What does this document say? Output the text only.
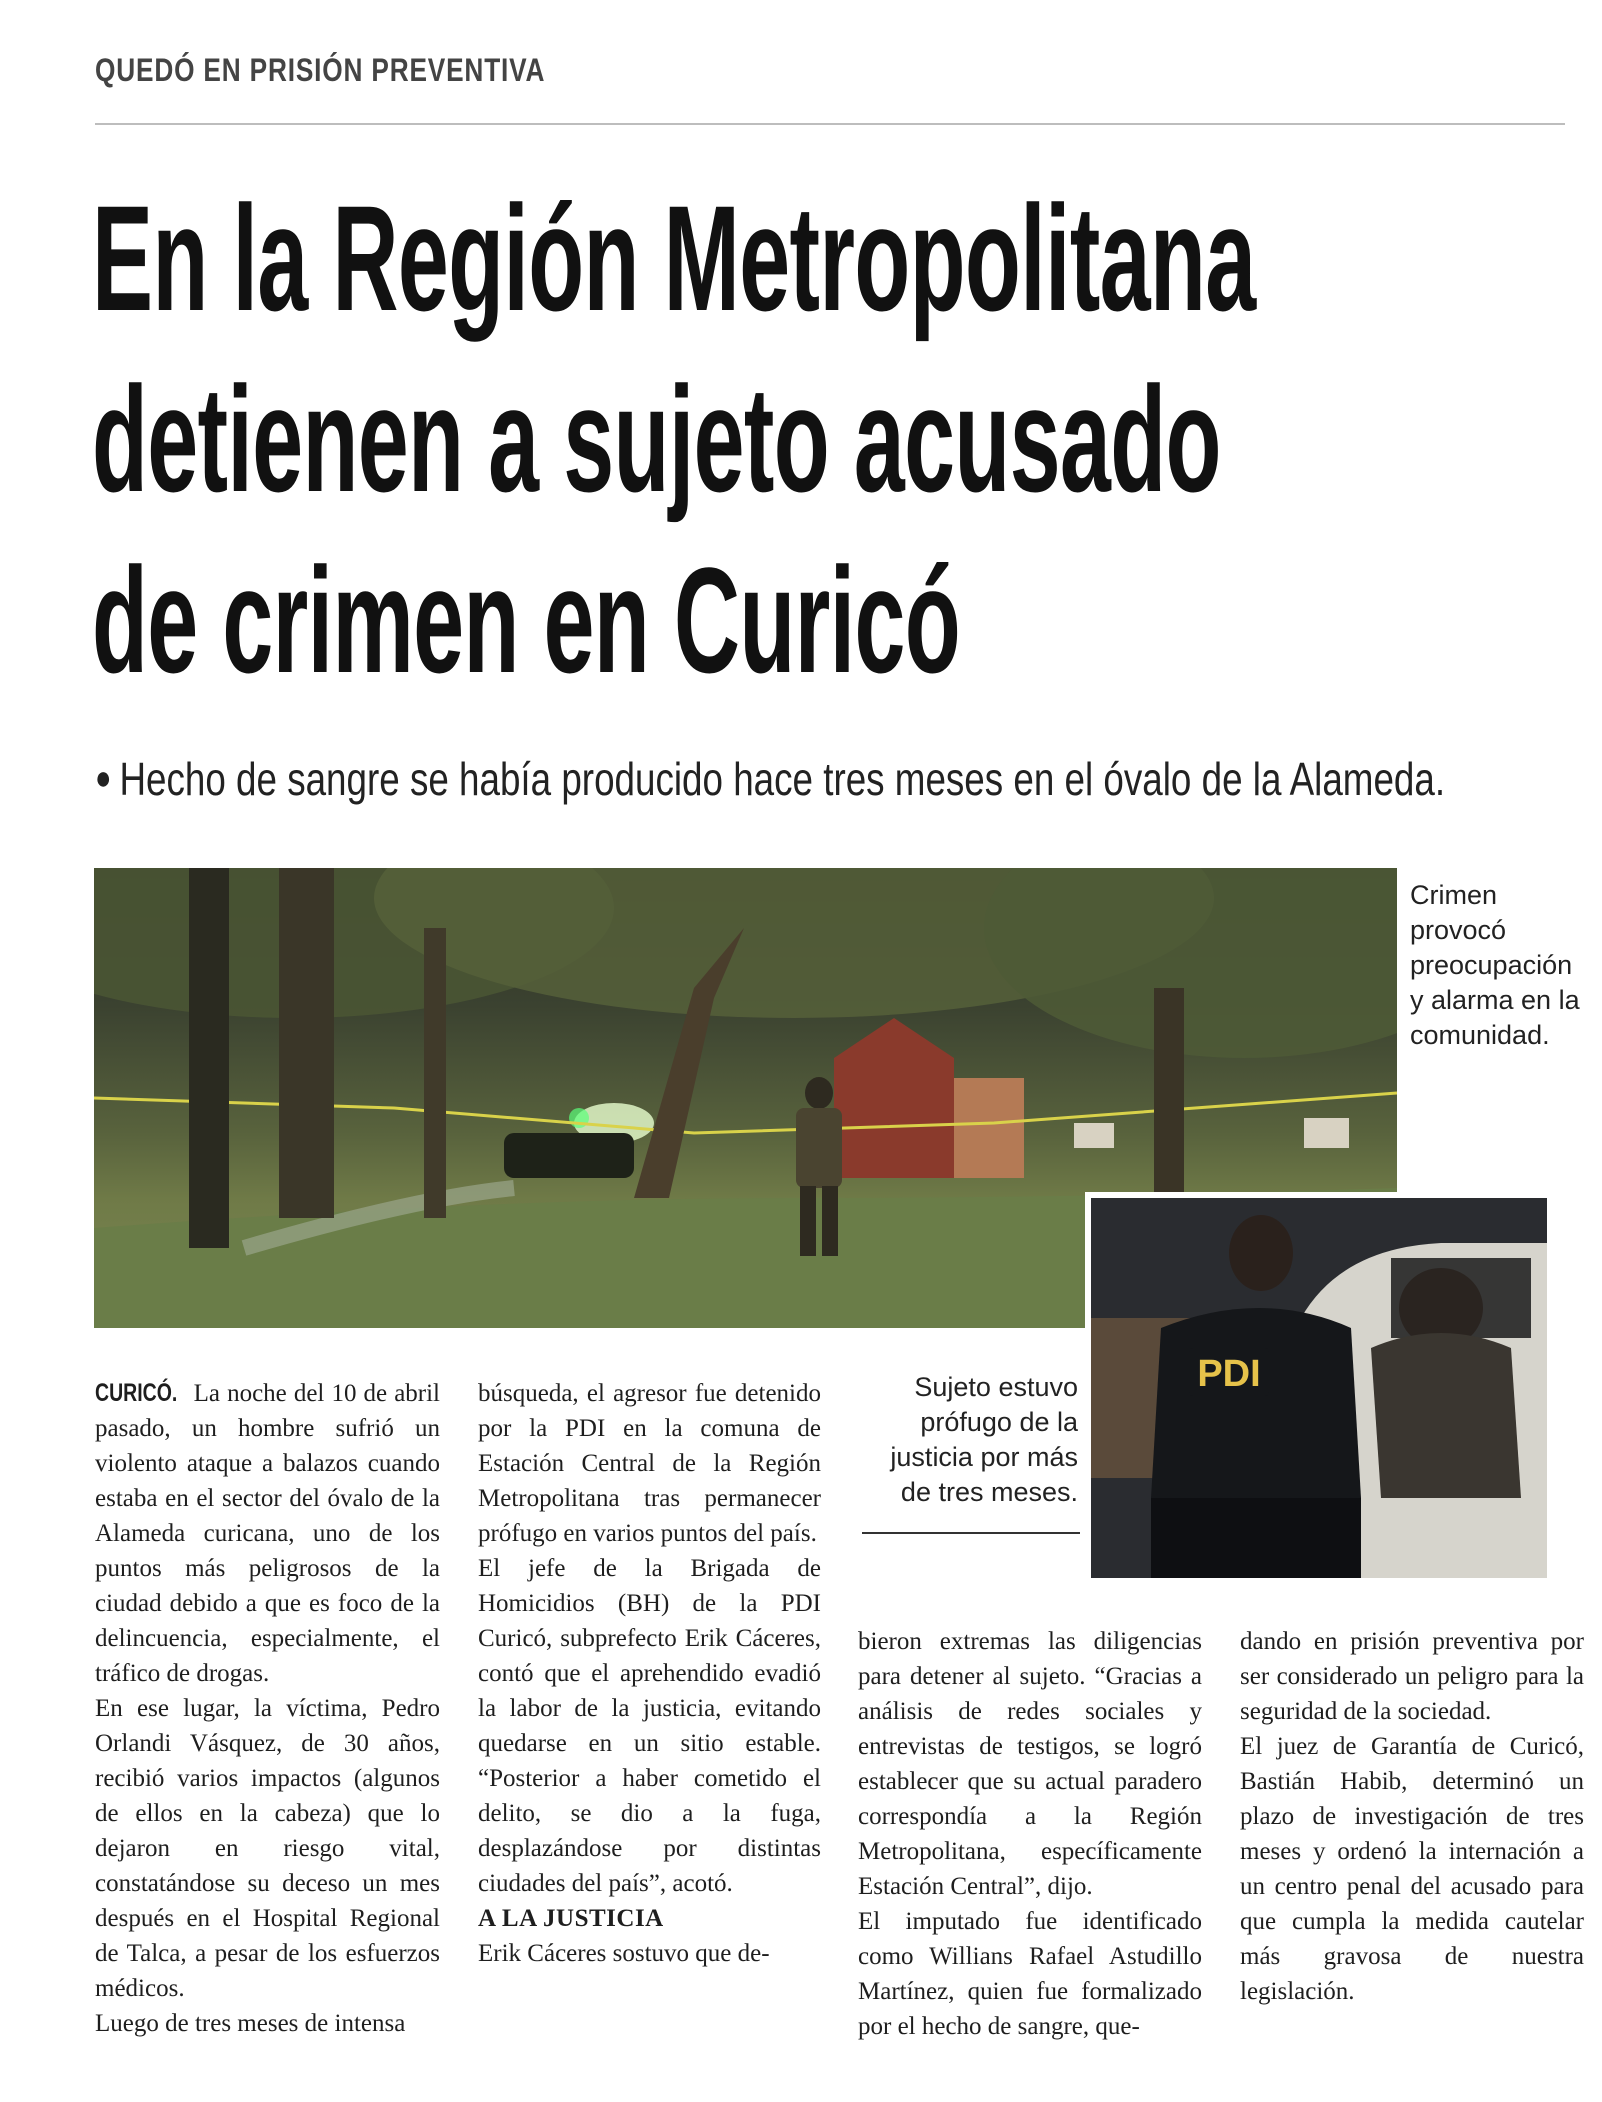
QUEDÓ EN PRISIÓN PREVENTIVA
En la Región Metropolitana
detienen a sujeto acusado
de crimen en Curicó
● Hecho de sangre se había producido hace tres meses en el óvalo de la Alameda.
Crimen provocó preocupación y alarma en la comunidad.
PDI
Sujeto estuvo prófugo de la justicia por más de tres meses.

CURICÓ. La noche del 10 de abril pasado, un hombre sufrió un violento ataque a balazos cuando estaba en el sector del óvalo de la Alameda curicana, uno de los puntos más peligrosos de la ciudad debido a que es foco de la delincuencia, especialmente, el tráfico de drogas.

En ese lugar, la víctima, Pedro Orlandi Vásquez, de 30 años, recibió varios impactos (algunos de ellos en la cabeza) que lo dejaron en riesgo vital, constatándose su deceso un mes después en el Hospital Regional de Talca, a pesar de los esfuerzos médicos.

Luego de tres meses de intensa

búsqueda, el agresor fue detenido por la PDI en la comuna de Estación Central de la Región Metropolitana tras permanecer prófugo en varios puntos del país.

El jefe de la Brigada de Homicidios (BH) de la PDI Curicó, subprefecto Erik Cáceres, contó que el aprehendido evadió la labor de la justicia, evitando quedarse en un sitio estable. “Posterior a haber cometido el delito, se dio a la fuga, desplazándose por distintas ciudades del país”, acotó.

A LA JUSTICIA

Erik Cáceres sostuvo que de-

bieron extremas las diligencias para detener al sujeto. “Gracias a análisis de redes sociales y entrevistas de testigos, se logró establecer que su actual paradero correspondía a la Región Metropolitana, específicamente Estación Central”, dijo.

El imputado fue identificado como Willians Rafael Astudillo Martínez, quien fue formalizado por el hecho de sangre, que-

dando en prisión preventiva por ser considerado un peligro para la seguridad de la sociedad.

El juez de Garantía de Curicó, Bastián Habib, determinó un plazo de investigación de tres meses y ordenó la internación a un centro penal del acusado para que cumpla la medida cautelar más gravosa de nuestra legislación.
